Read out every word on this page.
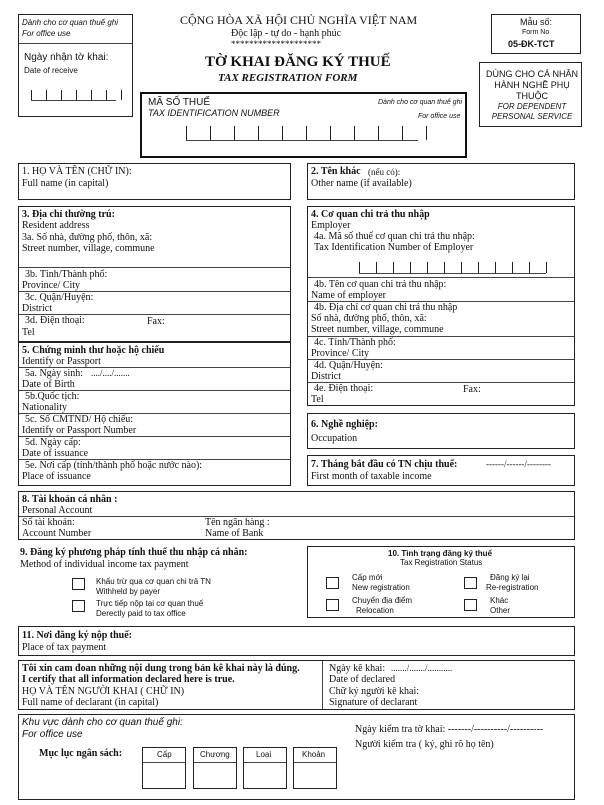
Dành cho cơ quan thuế ghi
For office use
Ngày nhận tờ khai:
Date of receive
CỘNG HÒA XÃ HỘI CHỦ NGHĨA VIỆT NAM
Độc lập - tự do - hạnh phúc
********************
TỜ KHAI ĐĂNG KÝ THUẾ
TAX REGISTRATION FORM
Mẫu số:
Form No
05-ĐK-TCT
DÙNG CHO CÁ NHÂN HÀNH NGHỀ PHỤ THUỘC
FOR DEPENDENT PERSONAL SERVICE
MÃ SỐ THUẾ
TAX IDENTIFICATION NUMBER
Dành cho cơ quan thuế ghi
For office use
1. HỌ VÀ TÊN (CHỮ IN):
Full name (in capital)
2. Tên khác (nếu có):
Other name (if available)
3. Địa chỉ thường trú:
Resident address
3a. Số nhà, đường phố, thôn, xã:
Street number, village, commune
3b. Tỉnh/Thành phố:
Province/ City
3c. Quận/Huyện:
District
3d. Điện thoại:	Fax:
Tel
4. Cơ quan chi trả thu nhập
Employer
4a. Mã số thuế cơ quan chi trả thu nhập:
Tax Identification Number of Employer
4b. Tên cơ quan chi trả thu nhập:
Name of employer
4b. Địa chỉ cơ quan chi trả thu nhập
Số nhà, đường phố, thôn, xã:
Street number, village, commune
4c. Tỉnh/Thành phố:
Province/ City
4d. Quận/Huyện:
District
4e. Điện thoại:	Fax:
Tel
5. Chứng minh thư hoặc hộ chiếu
Identify or Passport
5a. Ngày sinh: ..../..../.......
Date of Birth
5b.Quốc tịch:
Nationality
5c. Số CMTND/ Hộ chiếu:
Identify or Passport Number
5d. Ngày cấp:
Date of issuance
5e. Nơi cấp (tỉnh/thành phố hoặc nước nào):
Place of issuance
6. Nghề nghiệp:
Occupation
7. Tháng bắt đầu có TN chịu thuế:	------/------/--------
First month of taxable income
8. Tài khoản cá nhân :
Personal Account
Số tài khoản:
Account Number
Tên ngân hàng :
Name of Bank
9. Đăng ký phương pháp tính thuế thu nhập cá nhân:
Method of individual income tax payment
Khấu trừ qua cơ quan chi trả TN
Withheld by payer
Trực tiếp nộp tại cơ quan thuế
Derectly paid to tax office
10. Tình trạng đăng ký thuế
Tax Registration Status
Cấp mới
New registration
Đăng ký lại
Re-registration
Chuyển địa điểm
Relocation
Khác
Other
11. Nơi đăng ký nộp thuế:
Place of tax payment
Tôi xin cam đoan những nội dung trong bản kê khai này là đúng.
I certify that all information declared here is true.
HỌ VÀ TÊN NGƯỜI KHAI ( CHỮ IN)
Full name of declarant (in capital)
Ngày kê khai: ......./......./...........
Date of declared
Chữ ký người kê khai:
Signature of declarant
Khu vực dành cho cơ quan thuế ghi:
For office use	Ngày kiểm tra tờ khai: -------/----------/----------
Người kiểm tra ( ký, ghi rõ họ tên)
Mục lục ngân sách:	Cấp	Chương	Loại	Khoản
